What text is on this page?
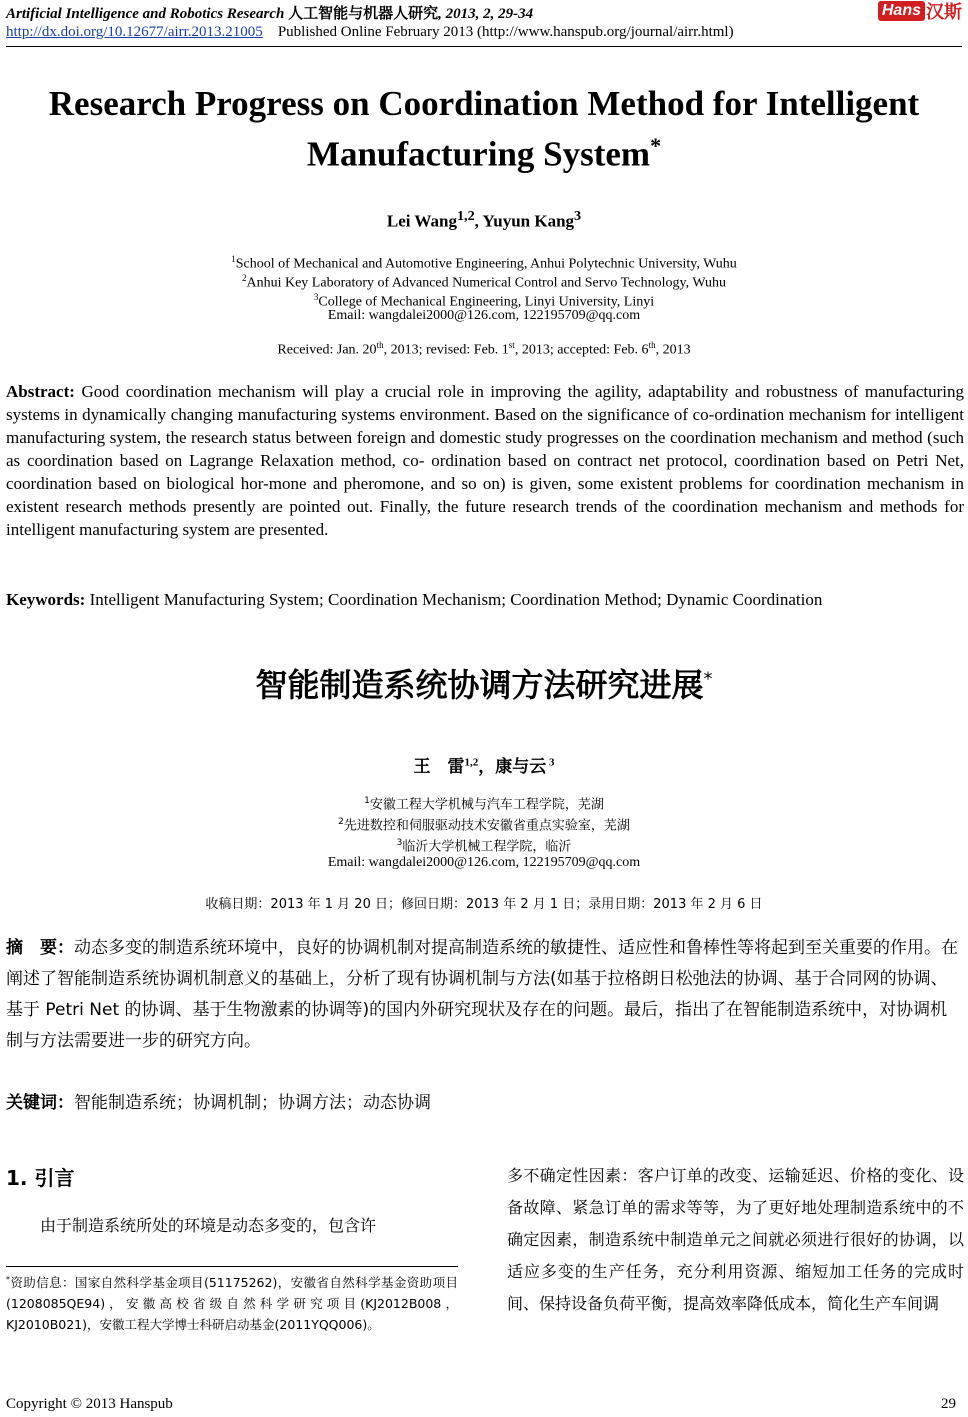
Artificial Intelligence and Robotics Research 人工智能与机器人研究, 2013, 2, 29-34
http://dx.doi.org/10.12677/airr.2013.21005 Published Online February 2013 (http://www.hanspub.org/journal/airr.html)
Hans 汉斯
Research Progress on Coordination Method for Intelligent
Manufacturing System*
Lei Wang$^{1,2}$, Yuyun Kang$^3$
$^1$School of Mechanical and Automotive Engineering, Anhui Polytechnic University, Wuhu
$^2$Anhui Key Laboratory of Advanced Numerical Control and Servo Technology, Wuhu
$^3$College of Mechanical Engineering, Linyi University, Linyi
Email: wangdalei2000@126.com, 122195709@qq.com
Received: Jan. 20th, 2013; revised: Feb. 1st, 2013; accepted: Feb. 6th, 2013
Abstract: Good coordination mechanism will play a crucial role in improving the agility, adaptability and robustness of manufacturing systems in dynamically changing manufacturing systems environment. Based on the significance of co-ordination mechanism for intelligent manufacturing system, the research status between foreign and domestic study progresses on the coordination mechanism and method (such as coordination based on Lagrange Relaxation method, co- ordination based on contract net protocol, coordination based on Petri Net, coordination based on biological hor-mone and pheromone, and so on) is given, some existent problems for coordination mechanism in existent research methods presently are pointed out. Finally, the future research trends of the coordination mechanism and methods for intelligent manufacturing system are presented.
Keywords: Intelligent Manufacturing System; Coordination Mechanism; Coordination Method; Dynamic Coordination
智能制造系统协调方法研究进展*
王　雷$^{1,2}$，康与云 $^3$
$^1$安徽工程大学机械与汽车工程学院，芜湖
$^2$先进数控和伺服驱动技术安徽省重点实验室，芜湖
$^3$临沂大学机械工程学院，临沂
Email: wangdalei2000@126.com, 122195709@qq.com
收稿日期：2013 年 1 月 20 日；修回日期：2013 年 2 月 1 日；录用日期：2013 年 2 月 6 日
摘　要：动态多变的制造系统环境中，良好的协调机制对提高制造系统的敏捷性、适应性和鲁棒性等将起到至关重要的作用。在阐述了智能制造系统协调机制意义的基础上，分析了现有协调机制与方法(如基于拉格朗日松弛法的协调、基于合同网的协调、基于 Petri Net 的协调、基于生物激素的协调等)的国内外研究现状及存在的问题。最后，指出了在智能制造系统中，对协调机制与方法需要进一步的研究方向。
关键词：智能制造系统；协调机制；协调方法；动态协调
1. 引言
由于制造系统所处的环境是动态多变的，包含许
多不确定性因素：客户订单的改变、运输延迟、价格的变化、设备故障、紧急订单的需求等等，为了更好地处理制造系统中的不确定因素，制造系统中制造单元之间就必须进行很好的协调，以适应多变的生产任务，充分利用资源、缩短加工任务的完成时间、保持设备负荷平衡，提高效率降低成本，简化生产车间调
*资助信息：国家自然科学基金项目(51175262)，安徽省自然科学基金资助项目(1208085QE94)，安徽高校省级自然科学研究项目(KJ2012B008，KJ2010B021)，安徽工程大学博士科研启动基金(2011YQQ006)。
Copyright © 2013 Hanspub	29
